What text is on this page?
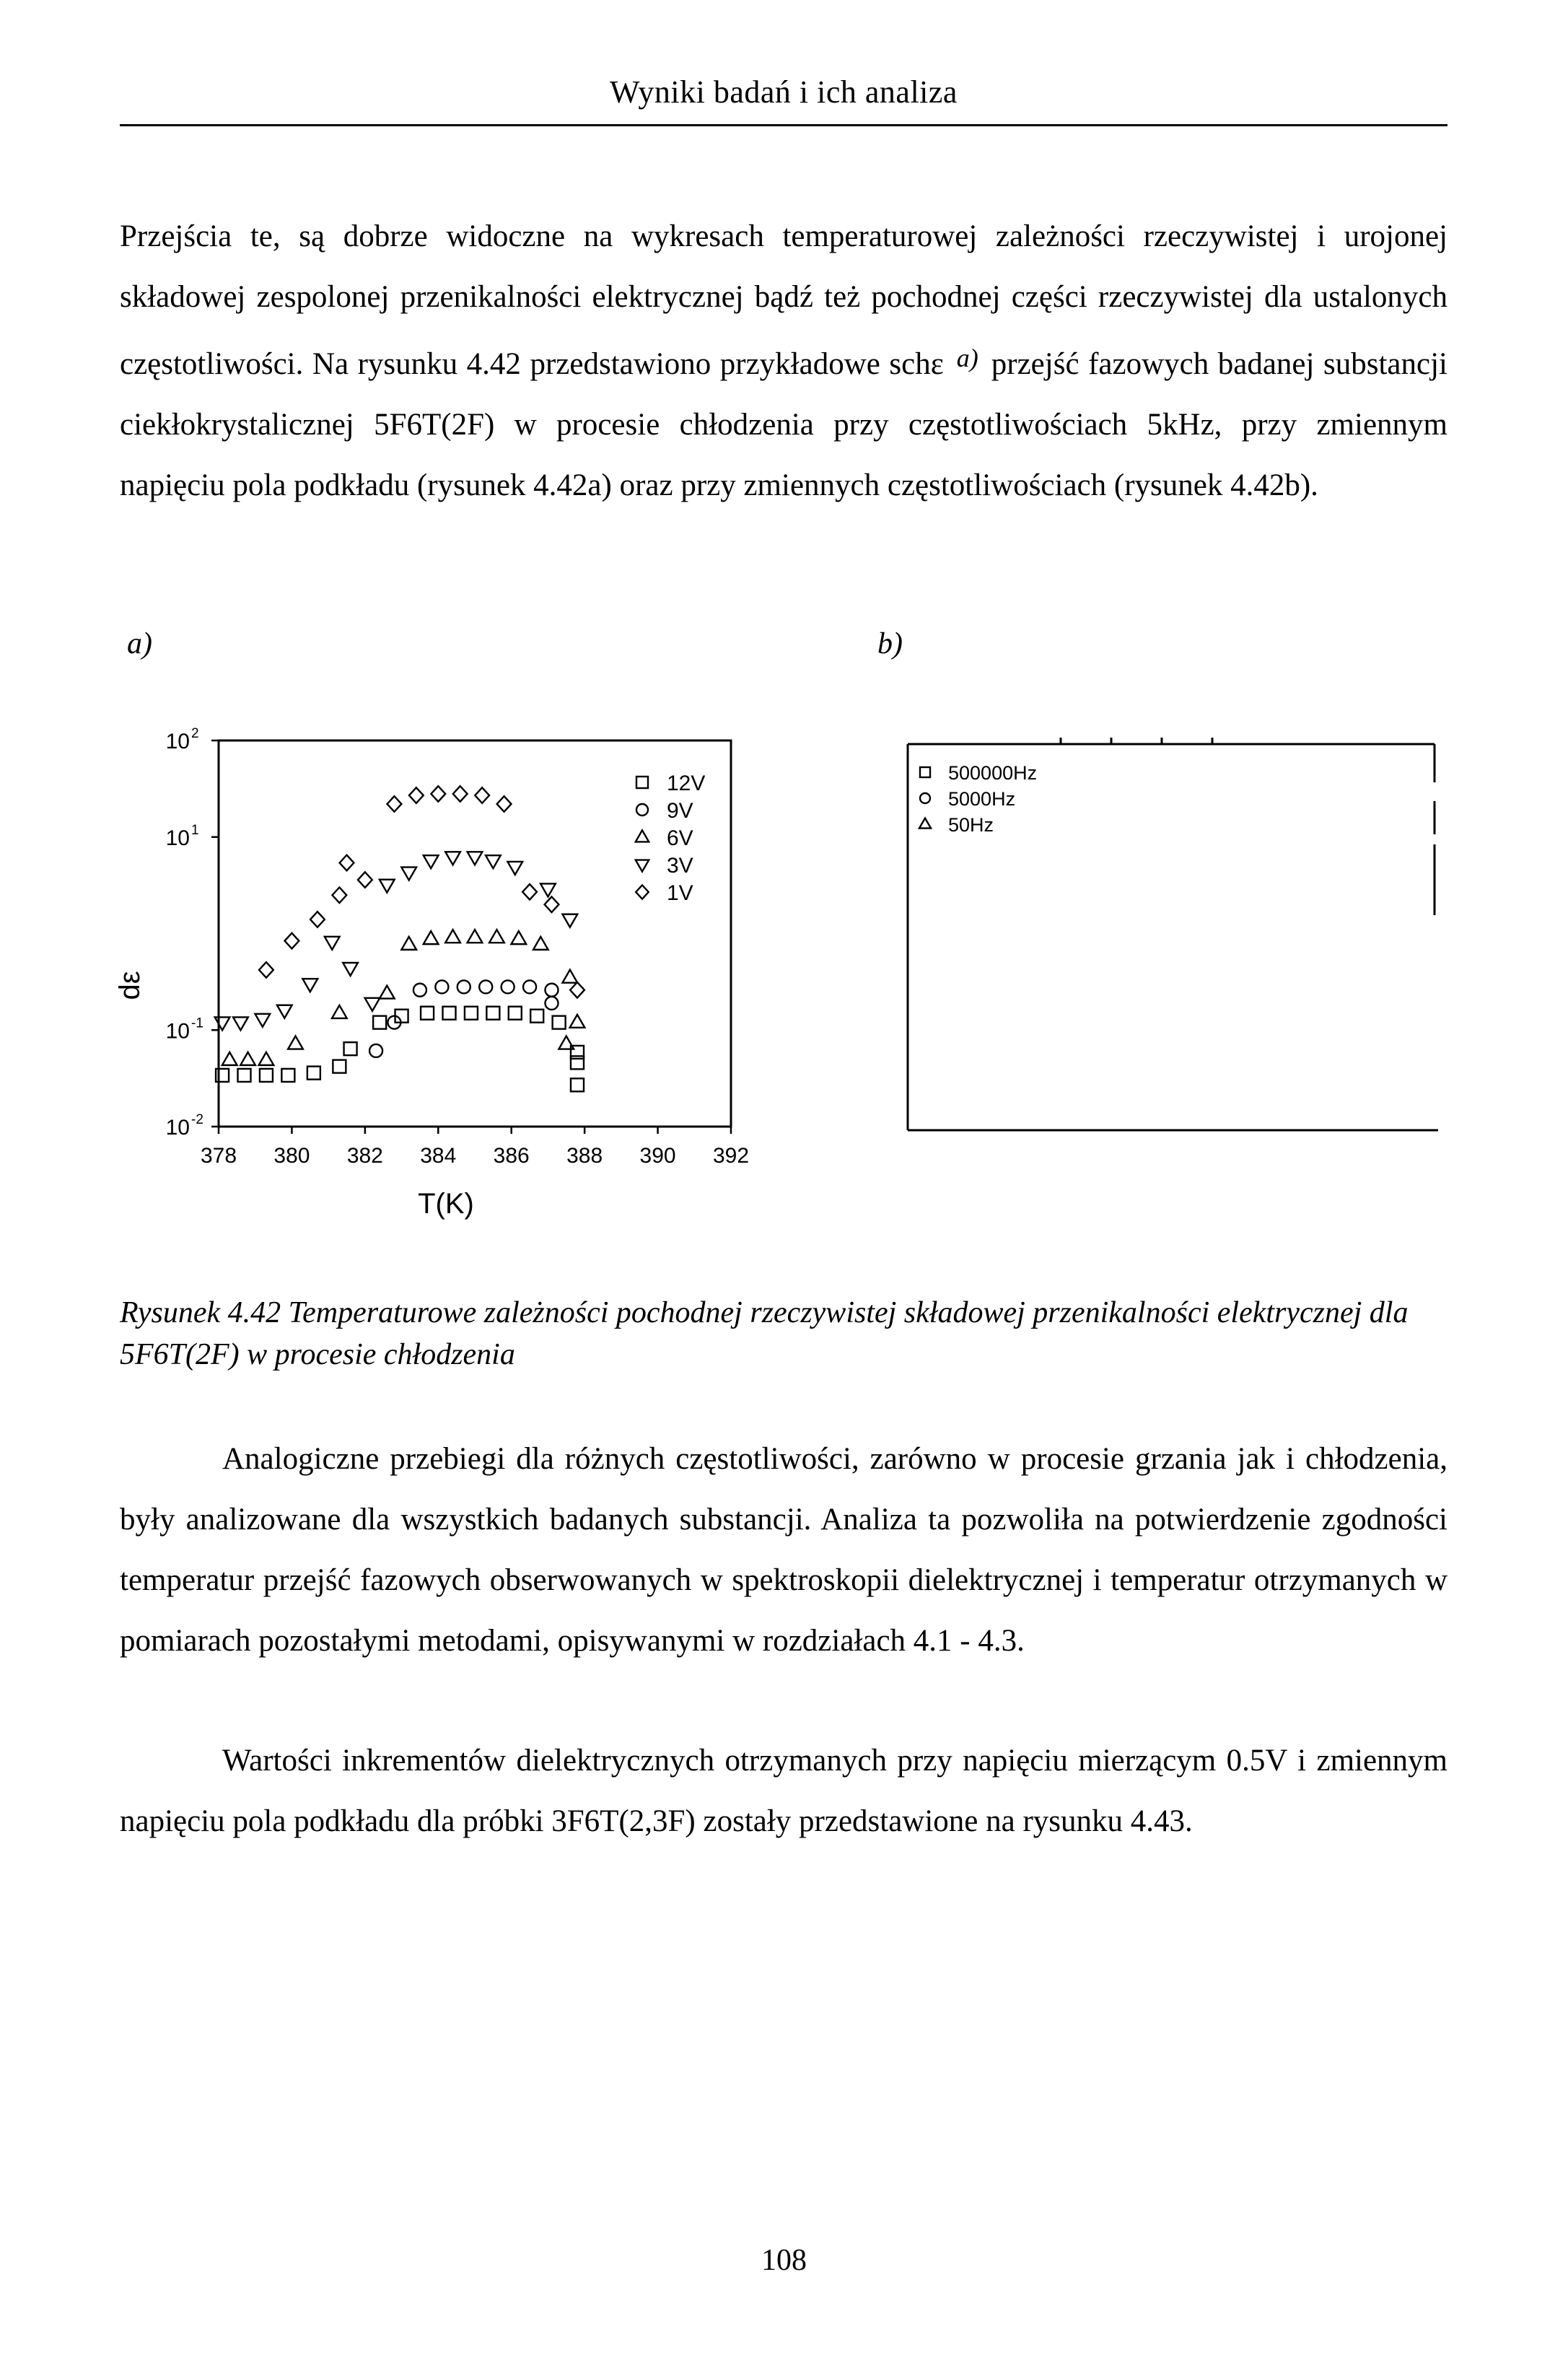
Wyniki badań i ich analiza

Przejścia te, są dobrze widoczne na wykresach temperaturowej zależności rzeczywistej i urojonej składowej zespolonej przenikalności elektrycznej bądź też pochodnej części rzeczywistej dla ustalonych częstotliwości. Na rysunku 4.42 przedstawiono przykładowe schε $^{a)}$ przejść fazowych badanej substancji ciekłokrystalicznej 5F6T(2F) w procesie chłodzenia przy częstotliwościach 5kHz, przy zmiennym napięciu pola podkładu (rysunek 4.42a) oraz przy zmiennych częstotliwościach (rysunek 4.42b).

a)	b)
378 380 382 384 386 388 390 392
10 2
10 1
10 -1
10 -2
T(K)
dε
12V
9V
6V
3V
1V
500000Hz
5000Hz
50Hz
Rysunek 4.42 Temperaturowe zależności pochodnej rzeczywistej składowej przenikalności elektrycznej dla 5F6T(2F) w procesie chłodzenia

Analogiczne przebiegi dla różnych częstotliwości, zarówno w procesie grzania jak i chłodzenia, były analizowane dla wszystkich badanych substancji. Analiza ta pozwoliła na potwierdzenie zgodności temperatur przejść fazowych obserwowanych w spektroskopii dielektrycznej i temperatur otrzymanych w pomiarach pozostałymi metodami, opisywanymi w rozdziałach 4.1 - 4.3.

Wartości inkrementów dielektrycznych otrzymanych przy napięciu mierzącym 0.5V i zmiennym napięciu pola podkładu dla próbki 3F6T(2,3F) zostały przedstawione na rysunku 4.43.

108
